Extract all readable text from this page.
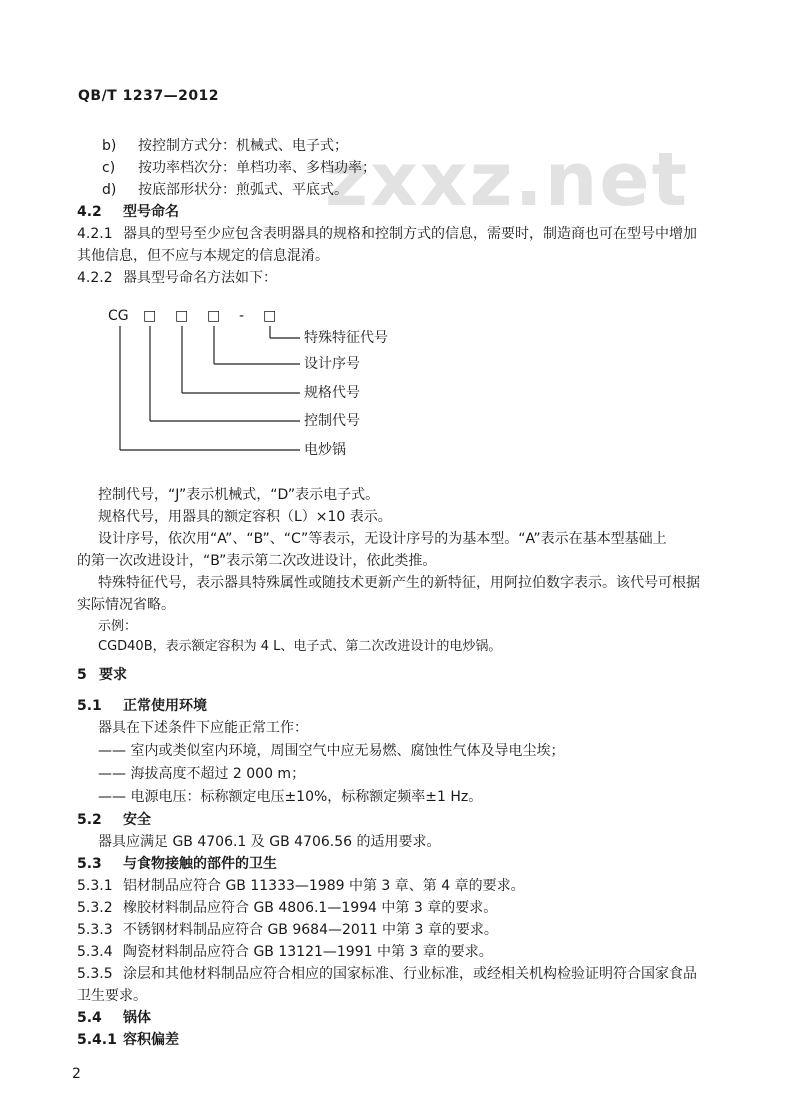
zxxz.net
QB/T 1237—2012
b) 按控制方式分：机械式、电子式；
c) 按功率档次分：单档功率、多档功率；
d) 按底部形状分：煎弧式、平底式。
4.2 型号命名
4.2.1 器具的型号至少应包含表明器具的规格和控制方式的信息，需要时，制造商也可在型号中增加
其他信息，但不应与本规定的信息混淆。
4.2.2 器具型号命名方法如下：
CG □ □ □ - □
特殊特征代号
设计序号
规格代号
控制代号
电炒锅
控制代号，“J”表示机械式，“D”表示电子式。
规格代号，用器具的额定容积（L）×10 表示。
设计序号，依次用“A”、“B”、“C”等表示，无设计序号的为基本型。“A”表示在基本型基础上
的第一次改进设计，“B”表示第二次改进设计，依此类推。
特殊特征代号，表示器具特殊属性或随技术更新产生的新特征，用阿拉伯数字表示。该代号可根据
实际情况省略。
示例：
CGD40B，表示额定容积为 4 L、电子式、第二次改进设计的电炒锅。
5 要求
5.1 正常使用环境
器具在下述条件下应能正常工作：
—— 室内或类似室内环境，周围空气中应无易燃、腐蚀性气体及导电尘埃；
—— 海拔高度不超过 2 000 m；
—— 电源电压：标称额定电压±10%，标称额定频率±1 Hz。
5.2 安全
器具应满足 GB 4706.1 及 GB 4706.56 的适用要求。
5.3 与食物接触的部件的卫生
5.3.1 铝材制品应符合 GB 11333—1989 中第 3 章、第 4 章的要求。
5.3.2 橡胶材料制品应符合 GB 4806.1—1994 中第 3 章的要求。
5.3.3 不锈钢材料制品应符合 GB 9684—2011 中第 3 章的要求。
5.3.4 陶瓷材料制品应符合 GB 13121—1991 中第 3 章的要求。
5.3.5 涂层和其他材料制品应符合相应的国家标准、行业标准，或经相关机构检验证明符合国家食品
卫生要求。
5.4 锅体
5.4.1 容积偏差
2
